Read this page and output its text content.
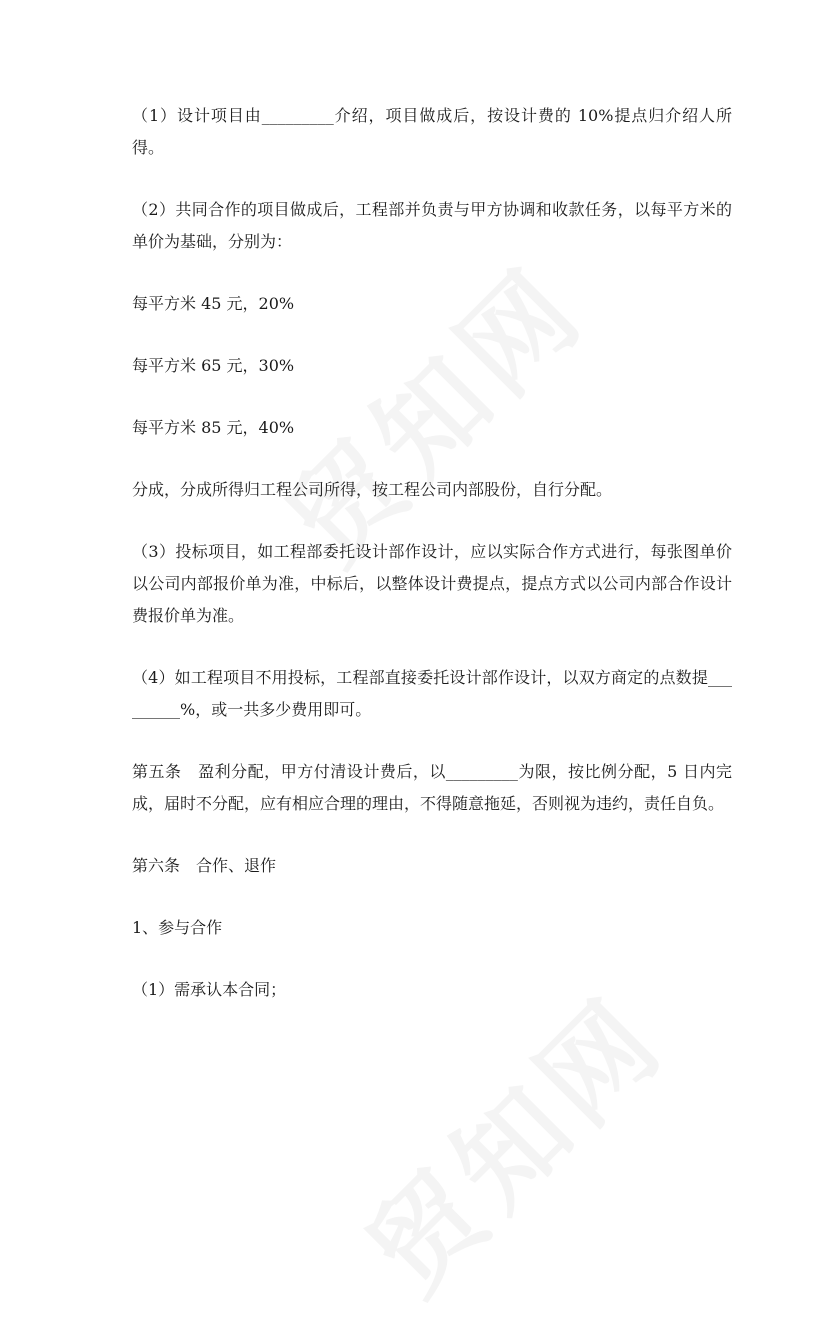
（1）设计项目由_________介绍，项目做成后，按设计费的 10%提点归介绍人所得。

（2）共同合作的项目做成后，工程部并负责与甲方协调和收款任务，以每平方米的单价为基础，分别为：

每平方米 45 元，20%

每平方米 65 元，30%

每平方米 85 元，40%

分成，分成所得归工程公司所得，按工程公司内部股份，自行分配。

（3）投标项目，如工程部委托设计部作设计，应以实际合作方式进行，每张图单价以公司内部报价单为准，中标后，以整体设计费提点，提点方式以公司内部合作设计费报价单为准。

（4）如工程项目不用投标，工程部直接委托设计部作设计，以双方商定的点数提_________%，或一共多少费用即可。

第五条　盈利分配，甲方付清设计费后，以_________为限，按比例分配，5 日内完成，届时不分配，应有相应合理的理由，不得随意拖延，否则视为违约，责任自负。

第六条　合作、退作

1、参与合作

（1）需承认本合同；
